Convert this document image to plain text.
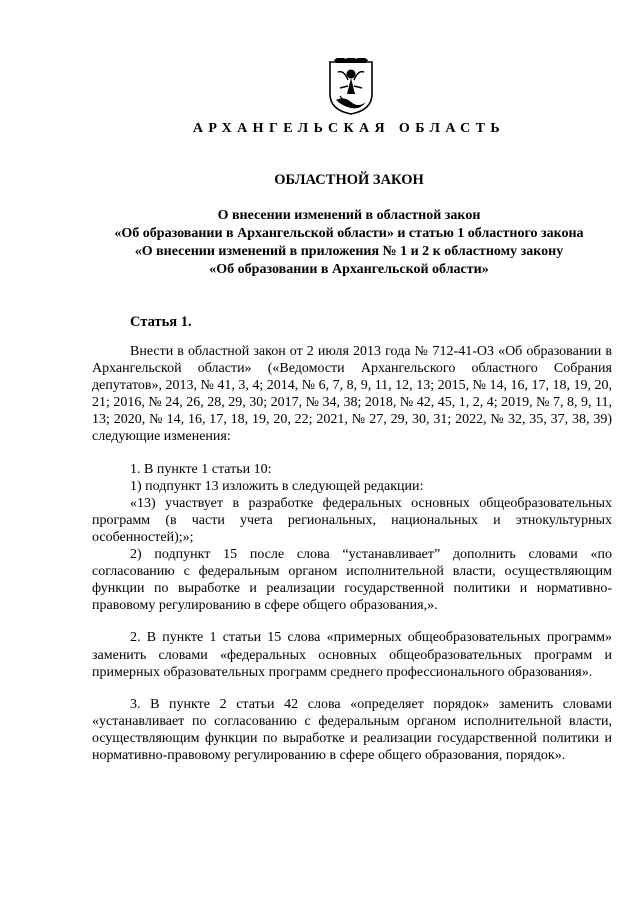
АРХАНГЕЛЬСКАЯ ОБЛАСТЬ
ОБЛАСТНОЙ ЗАКОН
О внесении изменений в областной закон
«Об образовании в Архангельской области» и статью 1 областного закона
«О внесении изменений в приложения № 1 и 2 к областному закону
«Об образовании в Архангельской области»
Статья 1.

Внести в областной закон от 2 июля 2013 года № 712-41-ОЗ «Об образовании в Архангельской области» («Ведомости Архангельского областного Собрания депутатов», 2013, № 41, 3, 4; 2014, № 6, 7, 8, 9, 11, 12, 13; 2015, № 14, 16, 17, 18, 19, 20, 21; 2016, № 24, 26, 28, 29, 30; 2017, № 34, 38; 2018, № 42, 45, 1, 2, 4; 2019, № 7, 8, 9, 11, 13; 2020, № 14, 16, 17, 18, 19, 20, 22; 2021, № 27, 29, 30, 31; 2022, № 32, 35, 37, 38, 39) следующие изменения:

1. В пункте 1 статьи 10:

1) подпункт 13 изложить в следующей редакции:

«13) участвует в разработке федеральных основных общеобразовательных программ (в части учета региональных, национальных и этнокультурных особенностей);»;

2) подпункт 15 после слова “устанавливает” дополнить словами «по согласованию с федеральным органом исполнительной власти, осуществляющим функции по выработке и реализации государственной политики и нормативно-правовому регулированию в сфере общего образования,».

2. В пункте 1 статьи 15 слова «примерных общеобразовательных программ» заменить словами «федеральных основных общеобразовательных программ и примерных образовательных программ среднего профессионального образования».

3. В пункте 2 статьи 42 слова «определяет порядок» заменить словами «устанавливает по согласованию с федеральным органом исполнительной власти, осуществляющим функции по выработке и реализации государственной политики и нормативно-правовому регулированию в сфере общего образования, порядок».
